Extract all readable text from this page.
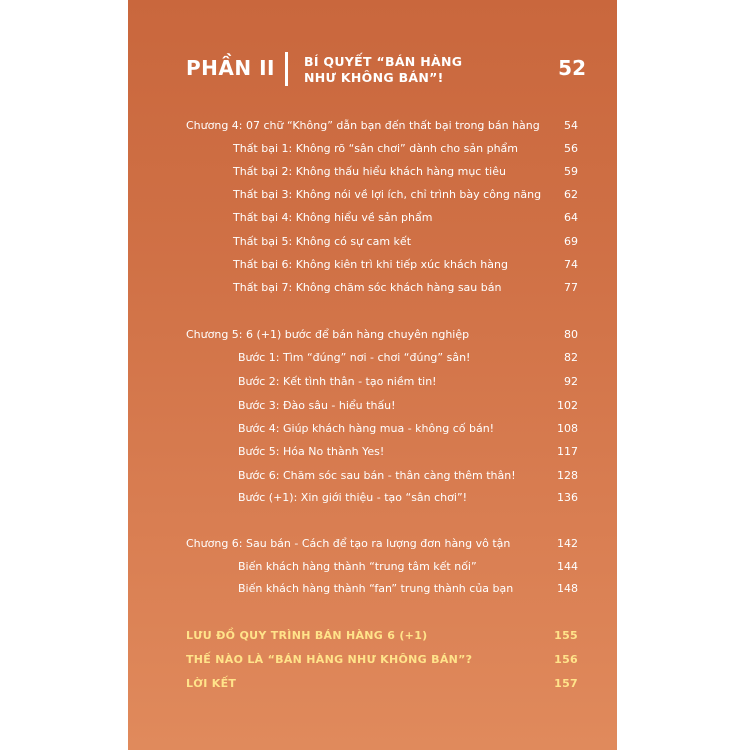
PHẦN II BÍ QUYẾT “BÁN HÀNG
NHƯ KHÔNG BÁN”!	52
Chương 4: 07 chữ “Không” dẫn bạn đến thất bại trong bán hàng 54
Thất bại 1: Không rõ “sân chơi” dành cho sản phẩm	56
Thất bại 2: Không thấu hiểu khách hàng mục tiêu	59
Thất bại 3: Không nói về lợi ích, chỉ trình bày công năng 62
Thất bại 4: Không hiểu về sản phẩm	64
Thất bại 5: Không có sự cam kết	69
Thất bại 6: Không kiên trì khi tiếp xúc khách hàng	74
Thất bại 7: Không chăm sóc khách hàng sau bán	77
Chương 5: 6 (+1) bước để bán hàng chuyên nghiệp	80
Bước 1: Tìm “đúng” nơi - chơi “đúng” sân!	82
Bước 2: Kết tình thân - tạo niềm tin!	92
Bước 3: Đào sâu - hiểu thấu!	102
Bước 4: Giúp khách hàng mua - không cố bán!	108
Bước 5: Hóa No thành Yes!	117
Bước 6: Chăm sóc sau bán - thân càng thêm thân!	128
Bước (+1): Xin giới thiệu - tạo “sân chơi”!	136
Chương 6: Sau bán - Cách để tạo ra lượng đơn hàng vô tận	142
Biến khách hàng thành “trung tâm kết nối”	144
Biến khách hàng thành “fan” trung thành của bạn	148
LƯU ĐỒ QUY TRÌNH BÁN HÀNG 6 (+1)	155
THẾ NÀO LÀ “BÁN HÀNG NHƯ KHÔNG BÁN”?	156
LỜI KẾT	157
